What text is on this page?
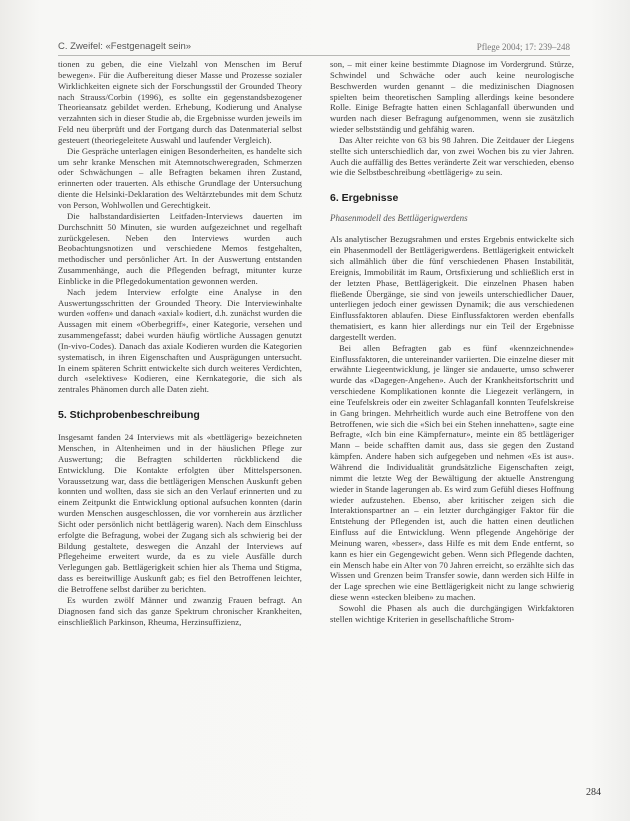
C. Zweifel: «Festgenagelt sein»	Pflege 2004; 17: 239–248

tionen zu geben, die eine Vielzahl von Menschen im Beruf bewegen». Für die Aufbereitung dieser Masse und Prozesse sozialer Wirklichkeiten eignete sich der Forschungsstil der Grounded Theory nach Strauss/Corbin (1996), es sollte ein gegenstandsbezogener Theorieansatz gebildet werden. Erhebung, Kodierung und Analyse verzahnten sich in dieser Studie ab, die Ergebnisse wurden jeweils im Feld neu überprüft und der Fortgang durch das Datenmaterial selbst gesteuert (theoriegeleitete Auswahl und laufender Vergleich).

Die Gespräche unterlagen einigen Besonderheiten, es handelte sich um sehr kranke Menschen mit Atemnotschweregraden, Schmerzen oder Schwächungen – alle Befragten bekamen ihren Zustand, erinnerten oder trauerten. Als ethische Grundlage der Untersuchung diente die Helsinki-Deklaration des Weltärztebundes mit dem Schutz von Person, Wohlwollen und Gerechtigkeit.

Die halbstandardisierten Leitfaden-Interviews dauerten im Durchschnitt 50 Minuten, sie wurden aufgezeichnet und regelhaft zurückgelesen. Neben den Interviews wurden auch Beobachtungsnotizen und verschiedene Memos festgehalten, methodischer und persönlicher Art. In der Auswertung entstanden Zusammenhänge, auch die Pflegenden befragt, mitunter kurze Einblicke in die Pflegedokumentation gewonnen werden.

Nach jedem Interview erfolgte eine Analyse in den Auswertungsschritten der Grounded Theory. Die Interviewinhalte wurden «offen» und danach «axial» kodiert, d.h. zunächst wurden die Aussagen mit einem «Oberbegriff», einer Kategorie, versehen und zusammengefasst; dabei wurden häufig wörtliche Aussagen genutzt (In-vivo-Codes). Danach das axiale Kodieren wurden die Kategorien systematisch, in ihren Eigenschaften und Ausprägungen untersucht. In einem späteren Schritt entwickelte sich durch weiteres Verdichten, durch «selektives» Kodieren, eine Kernkategorie, die sich als zentrales Phänomen durch alle Daten zieht.

5. Stichprobenbeschreibung

Insgesamt fanden 24 Interviews mit als «bettlägerig» bezeichneten Menschen, in Altenheimen und in der häuslichen Pflege zur Auswertung; die Befragten schilderten rückblickend die Entwicklung. Die Kontakte erfolgten über Mittelspersonen. Voraussetzung war, dass die bettlägerigen Menschen Auskunft geben konnten und wollten, dass sie sich an den Verlauf erinnerten und zu einem Zeitpunkt die Entwicklung optional aufsuchen konnten (darin wurden Menschen ausgeschlossen, die vor vornherein aus ärztlicher Sicht oder persönlich nicht bettlägerig waren). Nach dem Einschluss erfolgte die Befragung, wobei der Zugang sich als schwierig bei der Bildung gestaltete, deswegen die Anzahl der Interviews auf Pflegeheime erweitert wurde, da es zu viele Ausfälle durch Verlegungen gab. Bettlägerigkeit schien hier als Thema und Stigma, dass es bereitwillige Auskunft gab; es fiel den Betroffenen leichter, die Betroffene selbst darüber zu berichten.

Es wurden zwölf Männer und zwanzig Frauen befragt. An Diagnosen fand sich das ganze Spektrum chronischer Krankheiten, einschließlich Parkinson, Rheuma, Herzinsuffizienz,

son, – mit einer keine bestimmte Diagnose im Vordergrund. Stürze, Schwindel und Schwäche oder auch keine neurologische Beschwerden wurden genannt – die medizinischen Diagnosen spielten beim theoretischen Sampling allerdings keine besondere Rolle. Einige Befragte hatten einen Schlaganfall überwunden und wurden nach dieser Befragung aufgenommen, wenn sie zusätzlich wieder selbstständig und gehfähig waren.

Das Alter reichte von 63 bis 98 Jahren. Die Zeitdauer der Liegens stellte sich unterschiedlich dar, von zwei Wochen bis zu vier Jahren. Auch die auffällig des Bettes veränderte Zeit war verschieden, ebenso wie die Selbstbeschreibung «bettlägerig» zu sein.

6. Ergebnisse
Phasenmodell des Bettlägerigwerdens

Als analytischer Bezugsrahmen und erstes Ergebnis entwickelte sich ein Phasenmodell der Bettlägerigwerdens. Bettlägerigkeit entwickelt sich allmählich über die fünf verschiedenen Phasen Instabilität, Ereignis, Immobilität im Raum, Ortsfixierung und schließlich erst in der letzten Phase, Bettlägerigkeit. Die einzelnen Phasen haben fließende Übergänge, sie sind von jeweils unterschiedlicher Dauer, unterliegen jedoch einer gewissen Dynamik; die aus verschiedenen Einflussfaktoren ablaufen. Diese Einflussfaktoren werden ebenfalls thematisiert, es kann hier allerdings nur ein Teil der Ergebnisse dargestellt werden.

Bei allen Befragten gab es fünf «kennzeichnende» Einflussfaktoren, die untereinander variierten. Die einzelne dieser mit erwähnte Liegeentwicklung, je länger sie andauerte, umso schwerer wurde das «Dagegen-Angehen». Auch der Krankheitsfortschritt und verschiedene Komplikationen konnte die Liegezeit verlängern, in eine Teufelskreis oder ein zweiter Schlaganfall konnten Teufelskreise in Gang bringen. Mehrheitlich wurde auch eine Betroffene von den Betroffenen, wie sich die «Sich bei ein Stehen innehatten», sagte eine Befragte, «Ich bin eine Kämpfernatur», meinte ein 85 bettlägeriger Mann – beide schafften damit aus, dass sie gegen den Zustand kämpfen. Andere haben sich aufgegeben und nehmen «Es ist aus». Während die Individualität grundsätzliche Eigenschaften zeigt, nimmt die letzte Weg der Bewältigung der aktuelle Anstrengung wieder in Stande lagerungen ab. Es wird zum Gefühl dieses Hoffnung wieder aufzustehen. Ebenso, aber kritischer zeigen sich die Interaktionspartner an – ein letzter durchgängiger Faktor für die Entstehung der Pflegenden ist, auch die hatten einen deutlichen Einfluss auf die Entwicklung. Wenn pflegende Angehörige der Meinung waren, «besser», dass Hilfe es mit dem Ende entfernt, so kann es hier ein Gegengewicht geben. Wenn sich Pflegende dachten, ein Mensch habe ein Alter von 70 Jahren erreicht, so erzählte sich das Wissen und Grenzen beim Transfer sowie, dann werden sich Hilfe in der Lage sprechen wie eine Bettlägerigkeit nicht zu lange schwierig diese wenn «stecken bleiben» zu machen.

Sowohl die Phasen als auch die durchgängigen Wirkfaktoren stellen wichtige Kriterien in gesellschaftliche Strom-

284
